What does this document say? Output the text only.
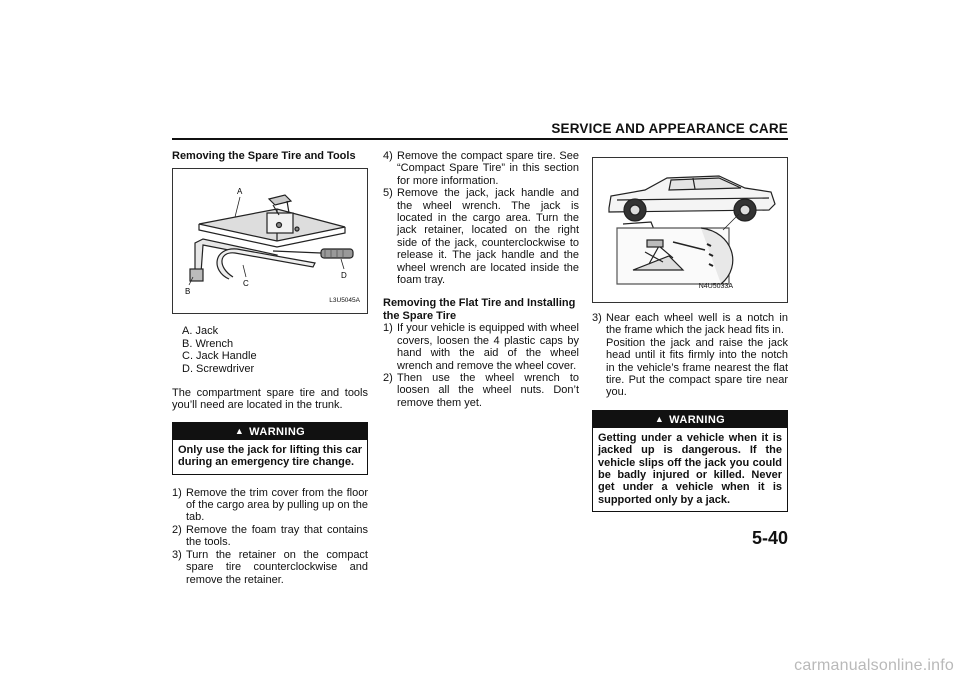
SERVICE AND APPEARANCE CARE
Removing the Spare Tire and Tools
A
B
C
D
L3U5045A
A. Jack
B. Wrench
C. Jack Handle
D. Screwdriver
The compartment spare tire and tools you’ll need are located in the trunk.
▲ WARNING
Only use the jack for lifting this car during an emergency tire change.
1) Remove the trim cover from the floor of the cargo area by pulling up on the tab.
2) Remove the foam tray that contains the tools.
3) Turn the retainer on the compact spare tire counterclockwise and remove the retainer.
4) Remove the compact spare tire. See “Compact Spare Tire” in this section for more information.
5) Remove the jack, jack handle and the wheel wrench. The jack is located in the cargo area. Turn the jack retainer, located on the right side of the jack, counterclockwise to release it. The jack handle and the wheel wrench are located inside the foam tray.
Removing the Flat Tire and Installing the Spare Tire
1) If your vehicle is equipped with wheel covers, loosen the 4 plastic caps by hand with the aid of the wheel wrench and remove the wheel cover.
2) Then use the wheel wrench to loosen all the wheel nuts. Don’t remove them yet.
N4U5033A
3) Near each wheel well is a notch in the frame which the jack head fits in.
Position the jack and raise the jack head until it fits firmly into the notch in the vehicle’s frame nearest the flat tire. Put the compact spare tire near you.
▲ WARNING
Getting under a vehicle when it is jacked up is dangerous. If the vehicle slips off the jack you could be badly injured or killed. Never get under a vehicle when it is supported only by a jack.
5-40
carmanualsonline.info
